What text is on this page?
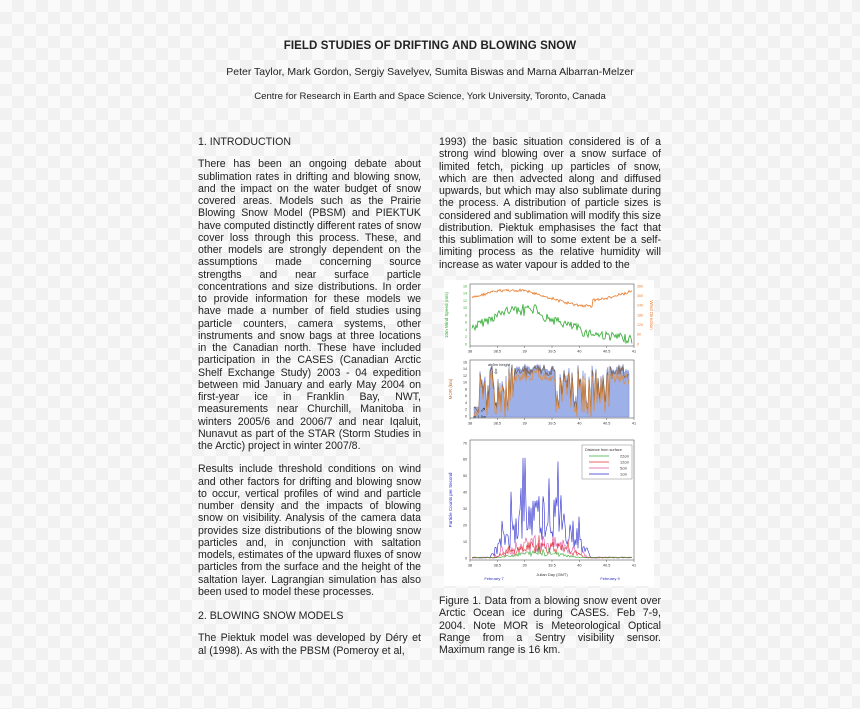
FIELD STUDIES OF DRIFTING AND BLOWING SNOW
Peter Taylor, Mark Gordon, Sergiy Savelyev, Sumita Biswas and Marna Albarran-Melzer
Centre for Research in Earth and Space Science, York University, Toronto, Canada

1. INTRODUCTION

There has been an ongoing debate about sublimation rates in drifting and blowing snow, and the impact on the water budget of snow covered areas. Models such as the Prairie Blowing Snow Model (PBSM) and PIEKTUK have computed distinctly different rates of snow cover loss through this process. These, and other models are strongly dependent on the assumptions made concerning source strengths and near surface particle concentrations and size distributions. In order to provide information for these models we have made a number of field studies using particle counters, camera systems, other instruments and snow bags at three locations in the Canadian north. These have included participation in the CASES (Canadian Arctic Shelf Exchange Study) 2003 - 04 expedition between mid January and early May 2004 on first-year ice in Franklin Bay, NWT, measurements near Churchill, Manitoba in winters 2005/6 and 2006/7 and near Iqaluit, Nunavut as part of the STAR (Storm Studies in the Arctic) project in winter 2007/8.

Results include threshold conditions on wind and other factors for drifting and blowing snow to occur, vertical profiles of wind and particle number density and the impacts of blowing snow on visibility. Analysis of the camera data provides size distributions of the blowing snow particles and, in conjunction with saltation models, estimates of the upward fluxes of snow particles from the surface and the height of the saltation layer. Lagrangian simulation has also been used to model these processes.

2. BLOWING SNOW MODELS

The Piektuk model was developed by Déry et al (1998). As with the PBSM (Pomeroy et al,

1993) the basic situation considered is of a strong wind blowing over a snow surface of limited fetch, picking up particles of snow, which are then advected along and diffused upwards, but which may also sublimate during the process. A distribution of particle sizes is considered and sublimation will modify this size distribution. Piektuk emphasises the fact that this sublimation will to some extent be a self-limiting process as the relative humidity will increase as water vapour is added to the

10m Wind Speed (m/s)	Wind Direction
16
14
12
10
8
6
4
2
0
360
300
240
180
120
60
0
38	38.5	39	39.5	40	40.5	41
MOR (km)
16
14
12
10
8
6
4
2
0
38	38.5	39	39.5	40	40.5	41
at 5m height
⇩
⇗
at 1.5m
Particle Counts per Second
70
60
50
40
30
20
10
0
38	38.5	39	39.5	40	40.5	41
Distance from surface
22cm
12cm
5cm
1cm
February 7
Julian Day (GMT)
February 9
Figure 1. Data from a blowing snow event over Arctic Ocean ice during CASES. Feb 7-9, 2004. Note MOR is Meteorological Optical Range from a Sentry visibility sensor. Maximum range is 16 km.
